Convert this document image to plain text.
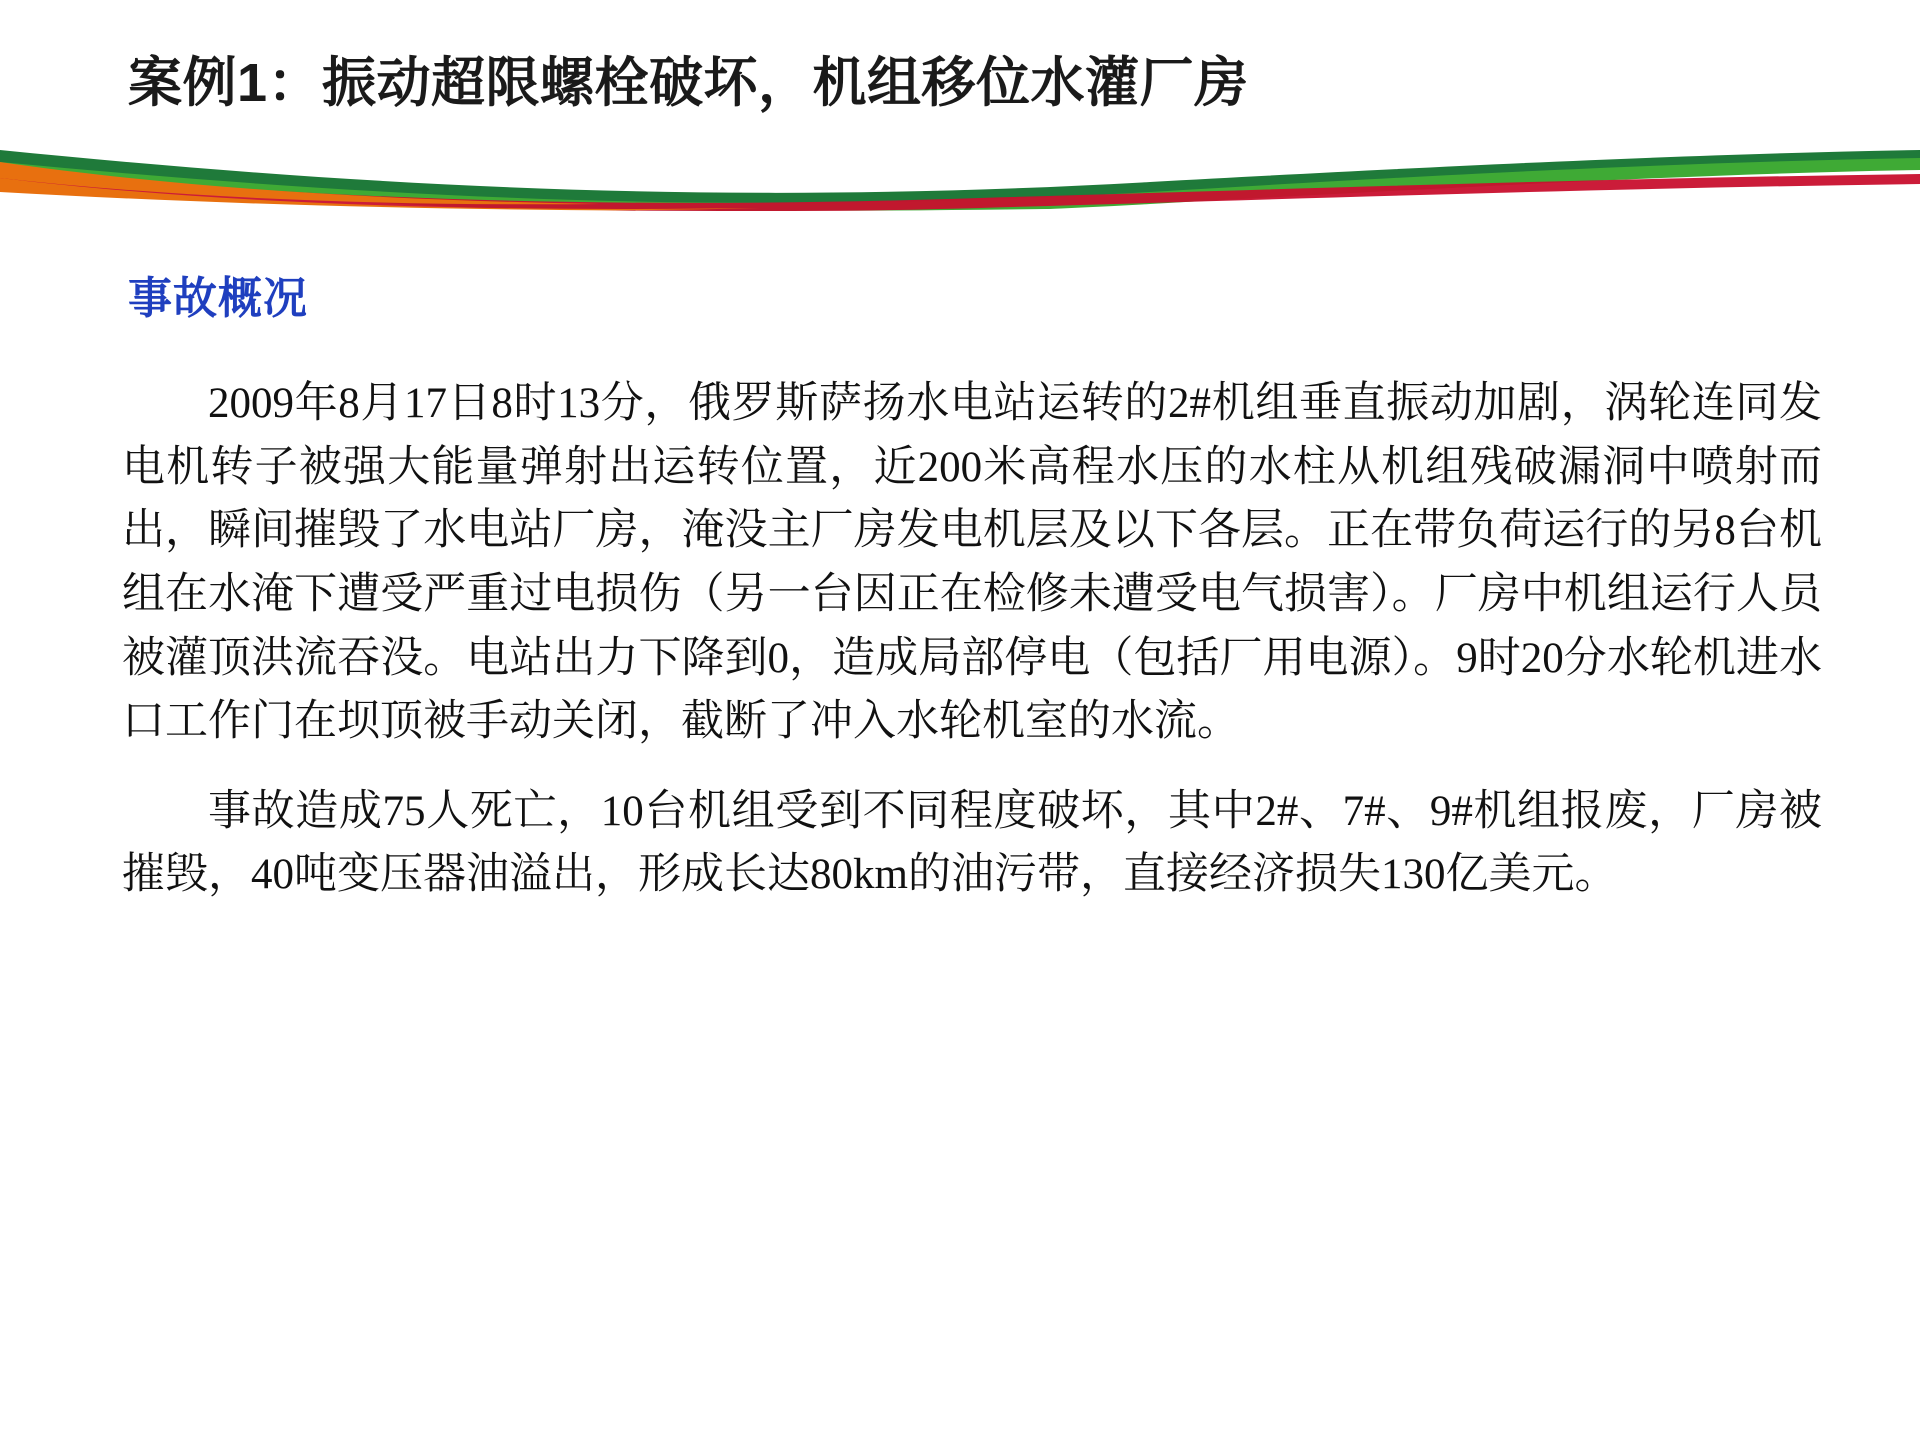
案例1：振动超限螺栓破坏，机组移位水灌厂房
事故概况

2009年8月17日8时13分，俄罗斯萨扬水电站运转的2#机组垂直振动加剧，涡轮连同发电机转子被强大能量弹射出运转位置，近200米高程水压的水柱从机组残破漏洞中喷射而出，瞬间摧毁了水电站厂房，淹没主厂房发电机层及以下各层。正在带负荷运行的另8台机组在水淹下遭受严重过电损伤（另一台因正在检修未遭受电气损害）。厂房中机组运行人员被灌顶洪流吞没。电站出力下降到0，造成局部停电（包括厂用电源）。9时20分水轮机进水口工作门在坝顶被手动关闭，截断了冲入水轮机室的水流。

事故造成75人死亡，10台机组受到不同程度破坏，其中2#、7#、9#机组报废，厂房被摧毁，40吨变压器油溢出，形成长达80km的油污带，直接经济损失130亿美元。
